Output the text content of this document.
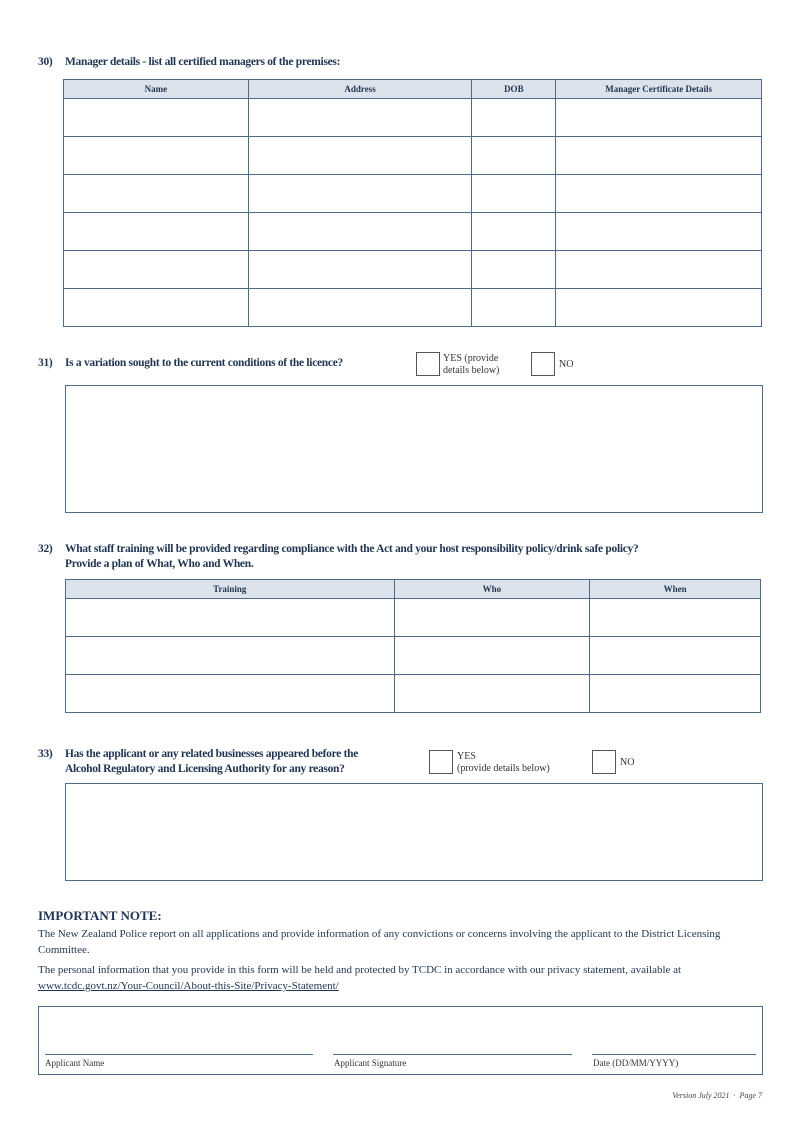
30) Manager details - list all certified managers of the premises:
Name	Address	DOB	Manager Certificate Details

31) Is a variation sought to the current conditions of the licence?	YES (provide
details below)
NO
32) What staff training will be provided regarding compliance with the Act and your host responsibility policy/drink safe policy?
Provide a plan of What, Who and When.
Training	Who	When

33) Has the applicant or any related businesses appeared before the
Alcohol Regulatory and Licensing Authority for any reason?
YES
(provide details below)
NO
IMPORTANT NOTE:
The New Zealand Police report on all applications and provide information of any convictions or concerns involving the applicant to the District Licensing Committee.
The personal information that you provide in this form will be held and protected by TCDC in accordance with our privacy statement, available at www.tcdc.govt.nz/Your-Council/About-this-Site/Privacy-Statement/
Applicant Name	Applicant Signature	Date (DD/MM/YYYY)
Version July 2021  ·  Page 7
